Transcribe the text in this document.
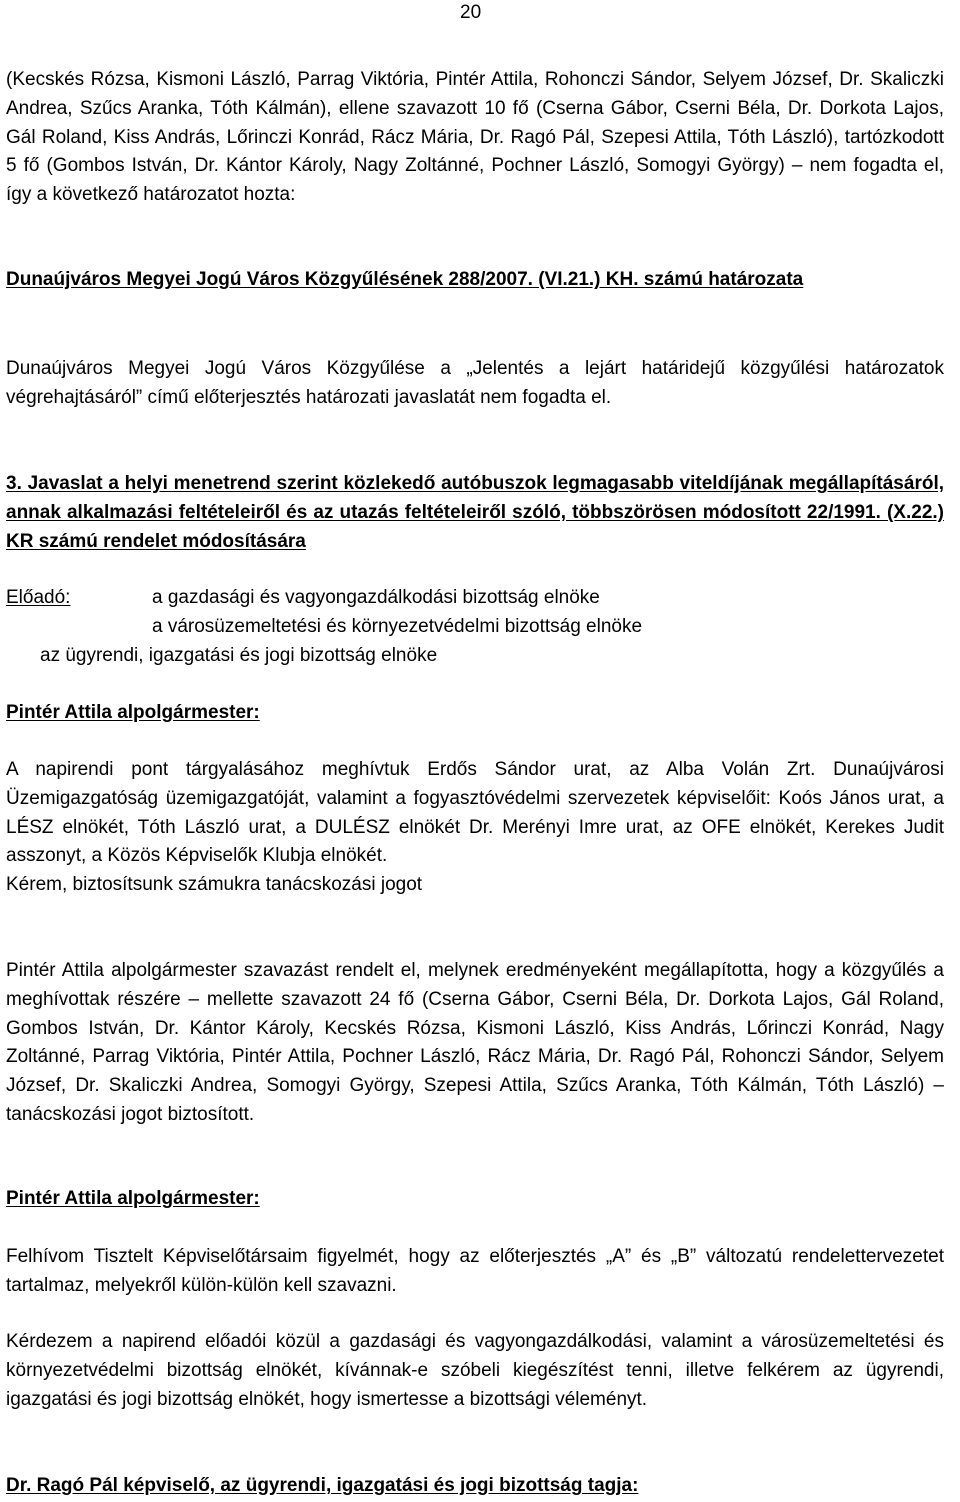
20

(Kecskés Rózsa, Kismoni László, Parrag Viktória, Pintér Attila, Rohonczi Sándor, Selyem József, Dr. Skaliczki Andrea, Szűcs Aranka, Tóth Kálmán), ellene szavazott 10 fő (Cserna Gábor, Cserni Béla, Dr. Dorkota Lajos, Gál Roland, Kiss András, Lőrinczi Konrád, Rácz Mária, Dr. Ragó Pál, Szepesi Attila, Tóth László), tartózkodott 5 fő (Gombos István, Dr. Kántor Károly, Nagy Zoltánné, Pochner László, Somogyi György) – nem fogadta el, így a következő határozatot hozta:

Dunaújváros Megyei Jogú Város Közgyűlésének 288/2007. (VI.21.) KH. számú határozata

Dunaújváros Megyei Jogú Város Közgyűlése a „Jelentés a lejárt határidejű közgyűlési határozatok végrehajtásáról” című előterjesztés határozati javaslatát nem fogadta el.

3. Javaslat a helyi menetrend szerint közlekedő autóbuszok legmagasabb viteldíjának megállapításáról, annak alkalmazási feltételeiről és az utazás feltételeiről szóló, többszörösen módosított 22/1991. (X.22.) KR számú rendelet módosítására

Előadó:	a gazdasági és vagyongazdálkodási bizottság elnöke
a városüzemeltetési és környezetvédelmi bizottság elnöke
az ügyrendi, igazgatási és jogi bizottság elnöke

Pintér Attila alpolgármester:

A napirendi pont tárgyalásához meghívtuk Erdős Sándor urat, az Alba Volán Zrt. Dunaújvárosi Üzemigazgatóság üzemigazgatóját, valamint a fogyasztóvédelmi szervezetek képviselőit: Koós János urat, a LÉSZ elnökét, Tóth László urat, a DULÉSZ elnökét Dr. Merényi Imre urat, az OFE elnökét, Kerekes Judit asszonyt, a Közös Képviselők Klubja elnökét.

Kérem, biztosítsunk számukra tanácskozási jogot

Pintér Attila alpolgármester szavazást rendelt el, melynek eredményeként megállapította, hogy a közgyűlés a meghívottak részére – mellette szavazott 24 fő (Cserna Gábor, Cserni Béla, Dr. Dorkota Lajos, Gál Roland, Gombos István, Dr. Kántor Károly, Kecskés Rózsa, Kismoni László, Kiss András, Lőrinczi Konrád, Nagy Zoltánné, Parrag Viktória, Pintér Attila, Pochner László, Rácz Mária, Dr. Ragó Pál, Rohonczi Sándor, Selyem József, Dr. Skaliczki Andrea, Somogyi György, Szepesi Attila, Szűcs Aranka, Tóth Kálmán, Tóth László) – tanácskozási jogot biztosított.

Pintér Attila alpolgármester:

Felhívom Tisztelt Képviselőtársaim figyelmét, hogy az előterjesztés „A” és „B” változatú rendelettervezetet tartalmaz, melyekről külön-külön kell szavazni.

Kérdezem a napirend előadói közül a gazdasági és vagyongazdálkodási, valamint a városüzemeltetési és környezetvédelmi bizottság elnökét, kívánnak-e szóbeli kiegészítést tenni, illetve felkérem az ügyrendi, igazgatási és jogi bizottság elnökét, hogy ismertesse a bizottsági véleményt.

Dr. Ragó Pál képviselő, az ügyrendi, igazgatási és jogi bizottság tagja:
